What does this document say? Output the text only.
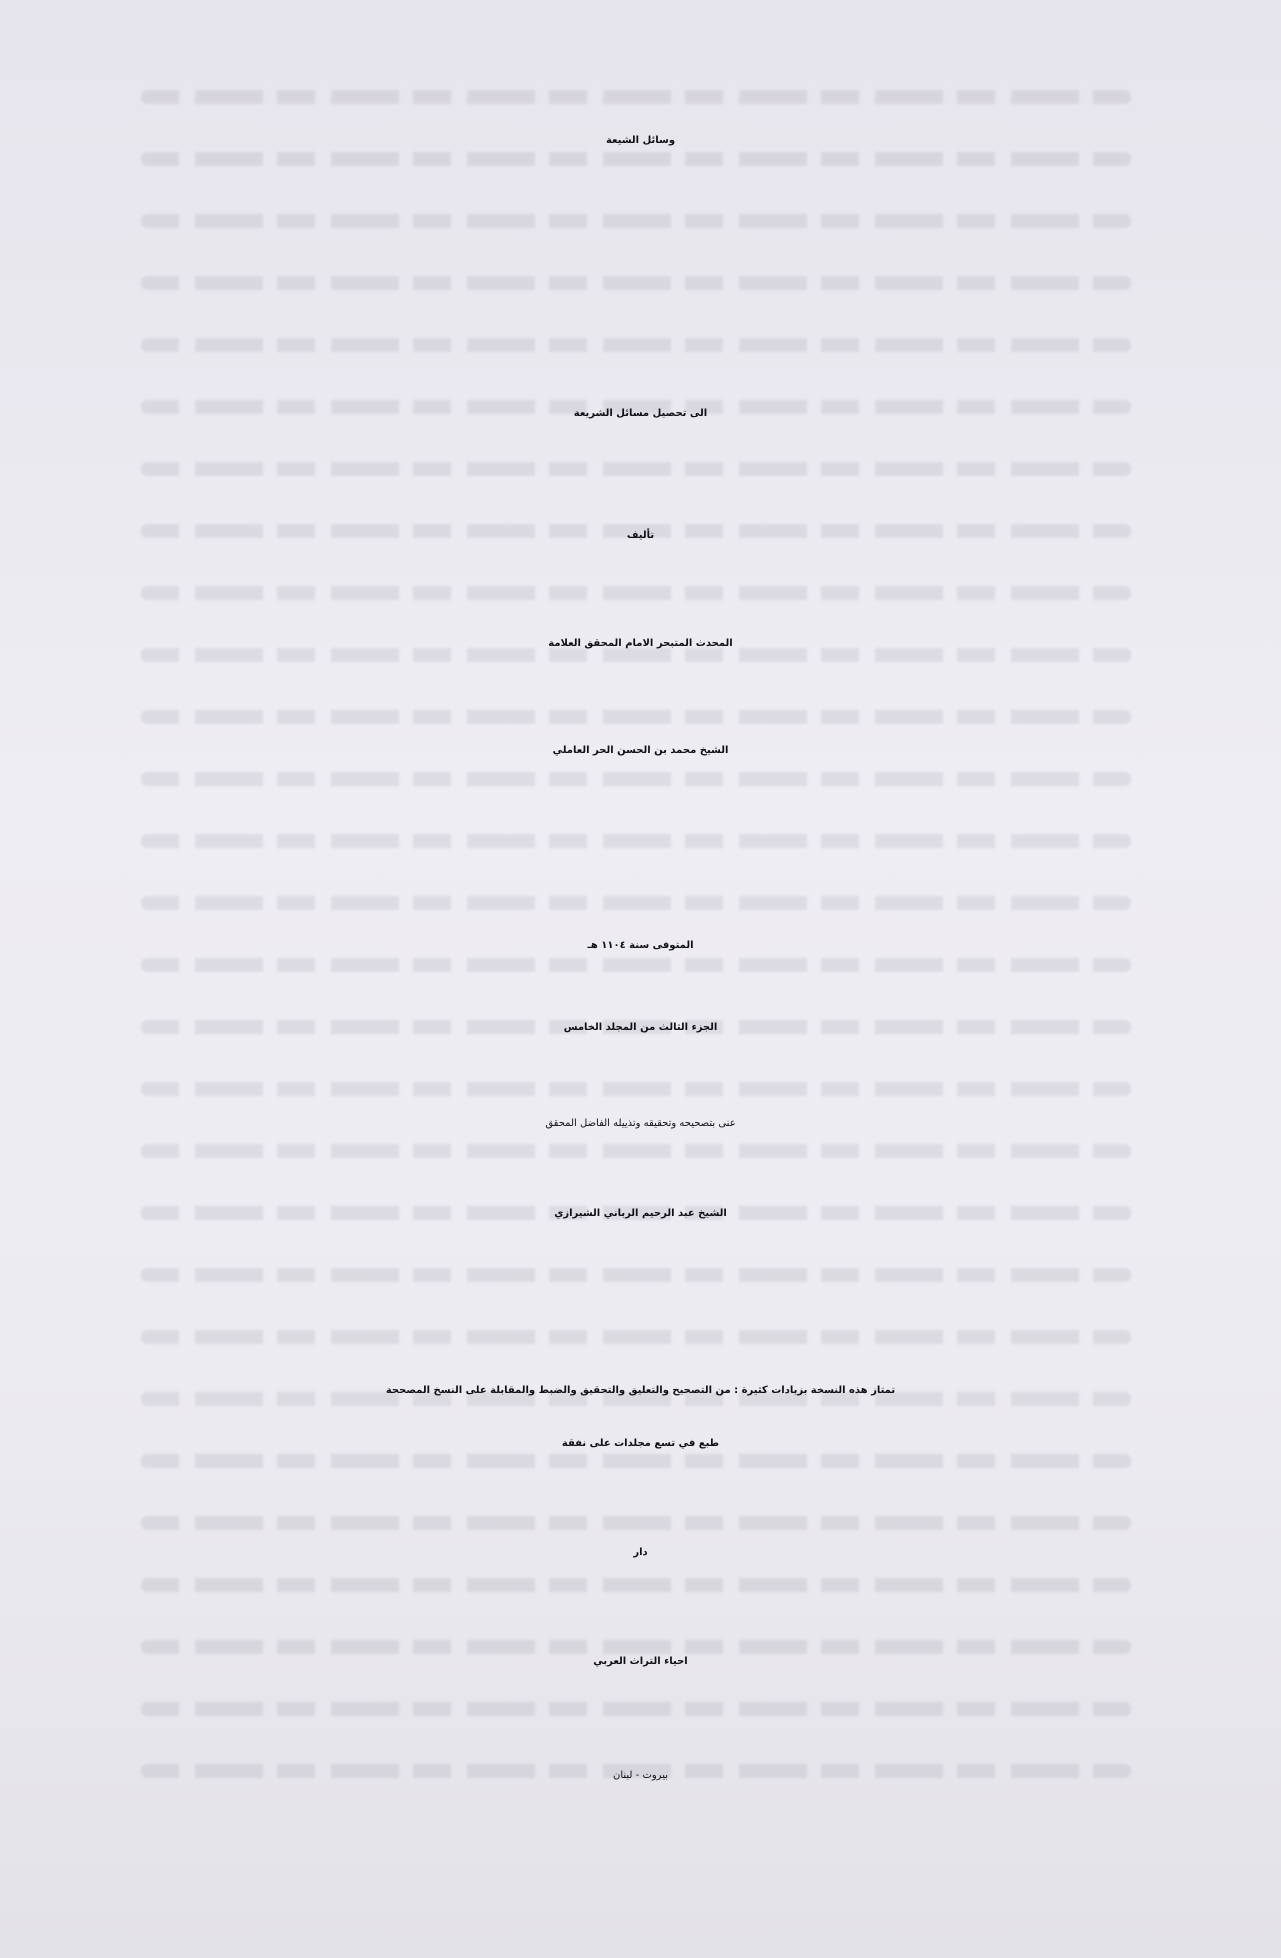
وسائل الشيعة
الى تحصيل مسائل الشريعة
تأليف
المحدث المتبحر الامام المحقق العلامة
الشيخ محمد بن الحسن الحر العاملي
المتوفى سنة ١١٠٤ هـ
الجزء الثالث من المجلد الخامس
عنى بتصحيحه وتحقيقه وتذييله الفاضل المحقق
الشيخ عبد الرحيم الرباني الشيرازي
تمتاز هذه النسخة بزيادات كثيرة : من التصحيح والتعليق والتحقيق والضبط والمقابلة على النسخ المصححة
طبع في تسع مجلدات على نفقة
دار
احياء التراث العربي
بيروت - لبنان
